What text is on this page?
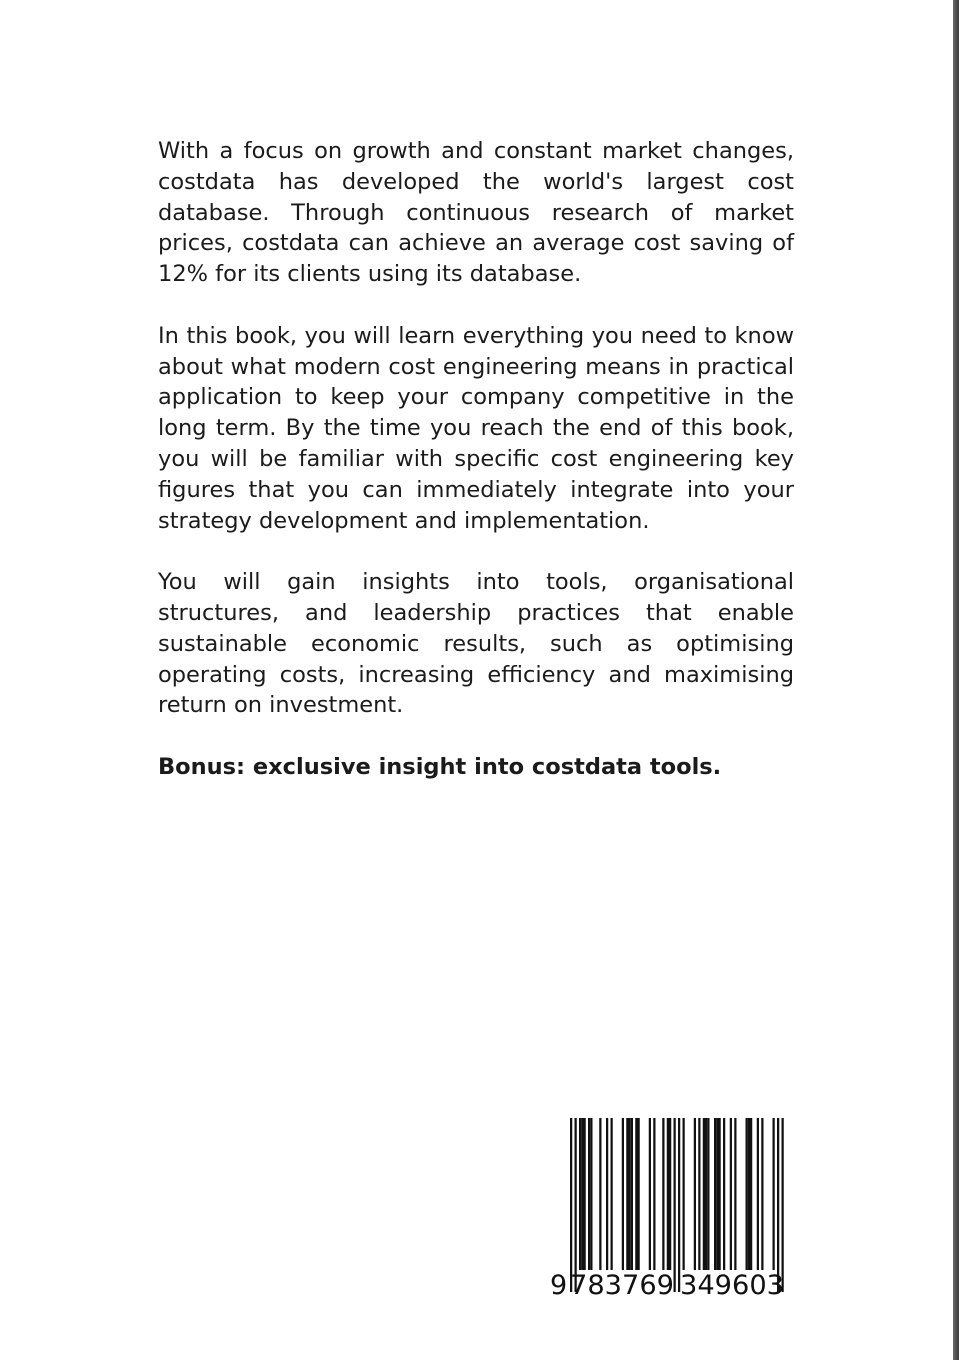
With a focus on growth and constant market changes, costdata has developed the world's largest cost database. Through continuous research of market prices, costdata can achieve an average cost saving of 12% for its clients using its database.

In this book, you will learn everything you need to know about what modern cost engineering means in practical application to keep your company competitive in the long term. By the time you reach the end of this book, you will be familiar with specific cost engineering key figures that you can immediately integrate into your strategy development and implementation.

You will gain insights into tools, organisational structures, and leadership practices that enable sustainable economic results, such as optimising operating costs, increasing efficiency and maximising return on investment.

Bonus: exclusive insight into costdata tools.

9 783769 349603
